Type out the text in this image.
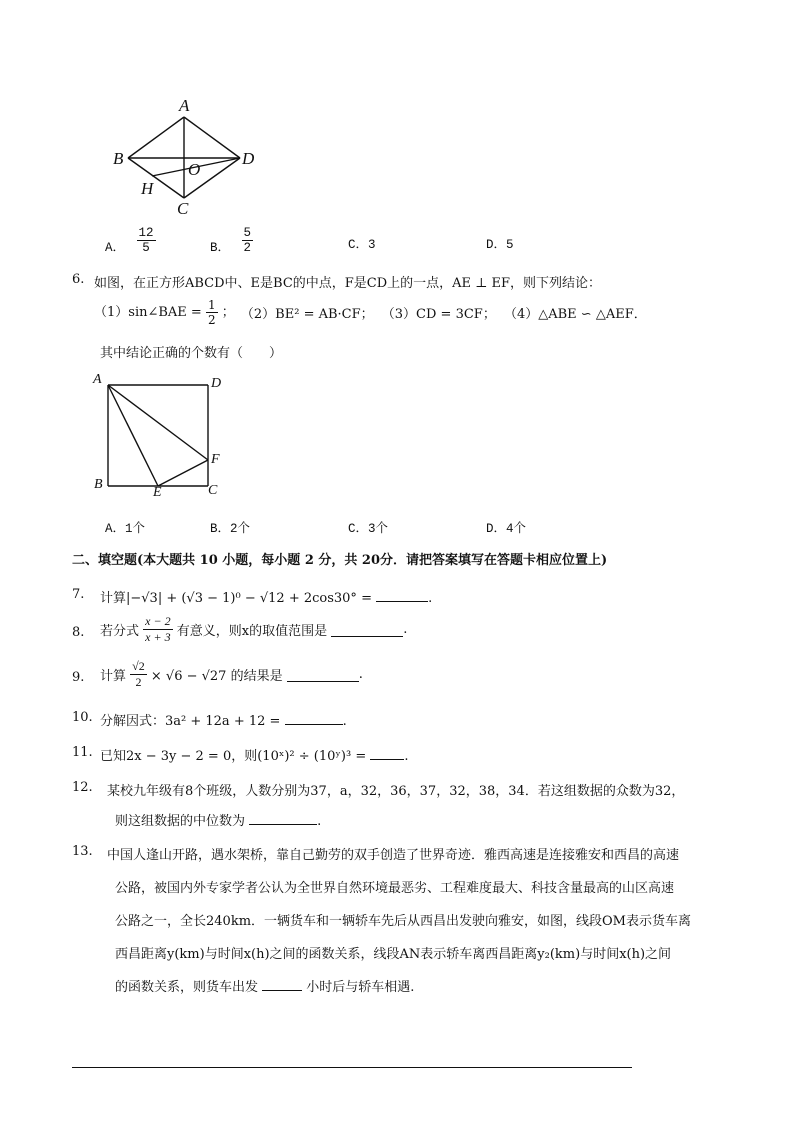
A
B	D
O
H
C
A． $\frac{12}{5}$	B． $\frac{5}{2}$	C．3	D．5
6. 如图，在正方形ABCD中、E是BC的中点，F是CD上的一点，AE ⊥ EF，则下列结论：
（1）sin∠BAE = $\frac{1}{2}$ ； （2）BE² = AB·CF； （3）CD = 3CF； （4）△ABE ∽ △AEF．
其中结论正确的个数有（　　）
A	D
F
B
E	C
A．1个	B．2个	C．3个	D．4个
二、填空题(本大题共 10 小题，每小题 2 分，共 20分．请把答案填写在答题卡相应位置上)
7. 计算|−√3| + (√3 − 1)⁰ − √12 + 2cos30° =	.
8. 若分式 $\frac{x - 2}{x + 3}$ 有意义，则x的取值范围是	.
9. 计算 $\frac{√2}{2} \times √6 - √27$ 的结果是	.
10. 分解因式：3a² + 12a + 12 =	.
11. 已知2x − 3y − 2 = 0，则(10ˣ)² ÷ (10ʸ)³ =	.
12. 某校九年级有8个班级，人数分别为37，a，32，36，37，32，38，34．若这组数据的众数为32，
则这组数据的中位数为	.
13. 中国人逢山开路，遇水架桥，靠自己勤劳的双手创造了世界奇迹．雅西高速是连接雅安和西昌的高速
公路，被国内外专家学者公认为全世界自然环境最恶劣、工程难度最大、科技含量最高的山区高速
公路之一，全长240km．一辆货车和一辆轿车先后从西昌出发驶向雅安，如图，线段OM表示货车离
西昌距离y(km)与时间x(h)之间的函数关系，线段AN表示轿车离西昌距离y₂(km)与时间x(h)之间
的函数关系，则货车出发	小时后与轿车相遇.
